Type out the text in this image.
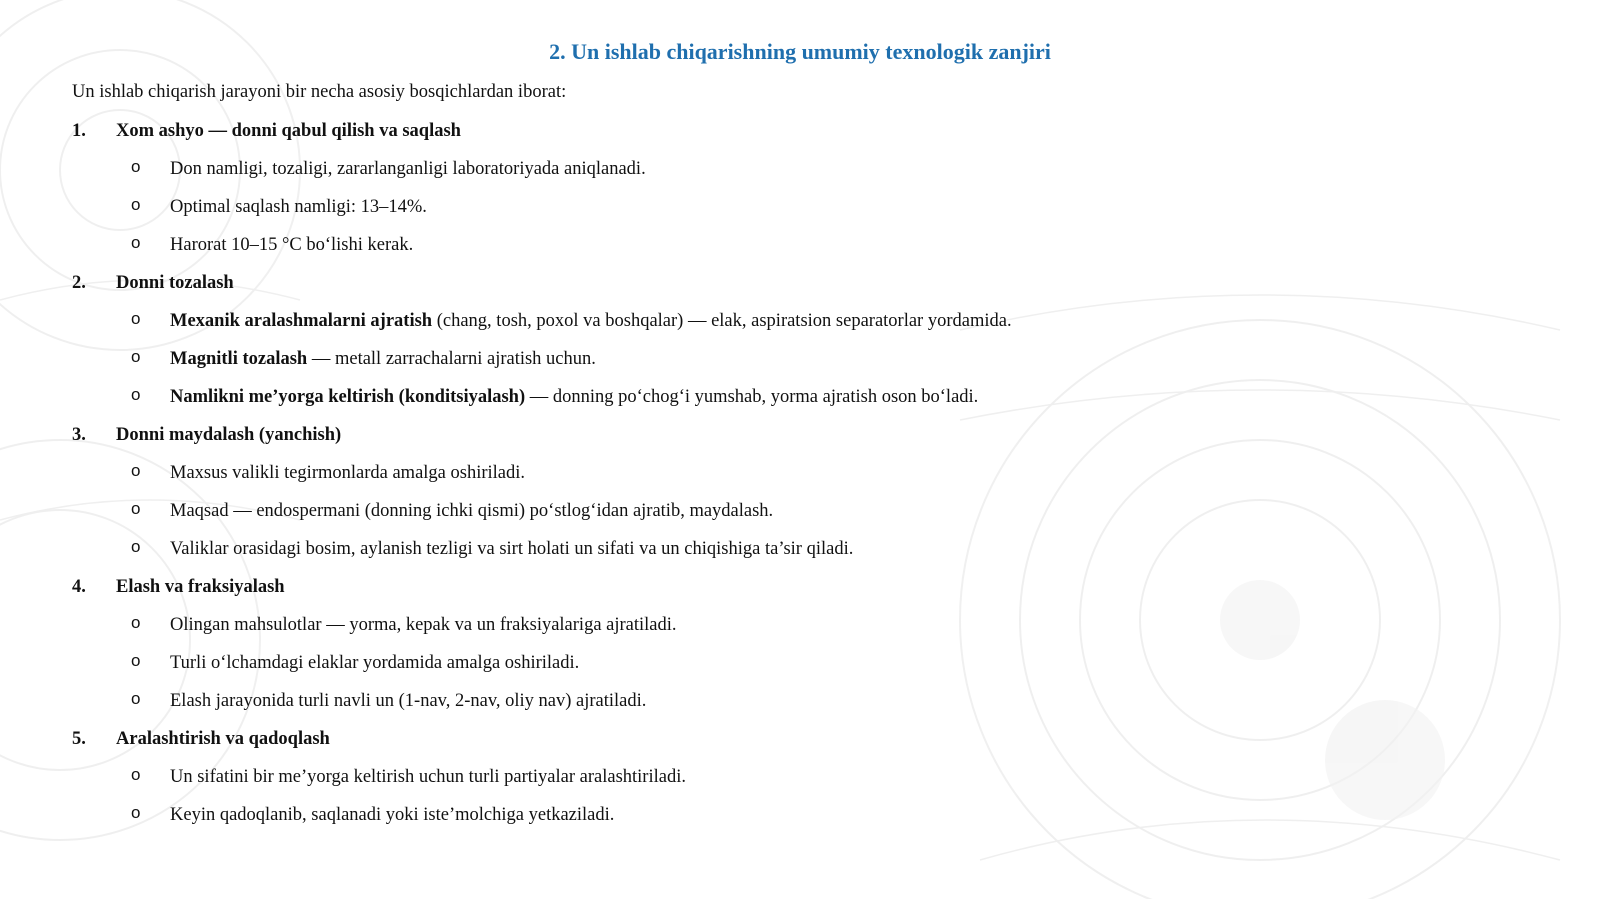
2. Un ishlab chiqarishning umumiy texnologik zanjiri
Un ishlab chiqarish jarayoni bir necha asosiy bosqichlardan iborat:
1. Xom ashyo — donni qabul qilish va saqlash
o Don namligi, tozaligi, zararlanganligi laboratoriyada aniqlanadi.
o Optimal saqlash namligi: 13–14%.
o Harorat 10–15 °C bo‘lishi kerak.
2. Donni tozalash
o Mexanik aralashmalarni ajratish (chang, tosh, poxol va boshqalar) — elak, aspiratsion separatorlar yordamida.
o Magnitli tozalash — metall zarrachalarni ajratish uchun.
o Namlikni me’yorga keltirish (konditsiyalash) — donning po‘chog‘i yumshab, yorma ajratish oson bo‘ladi.
3. Donni maydalash (yanchish)
o Maxsus valikli tegirmonlarda amalga oshiriladi.
o Maqsad — endospermani (donning ichki qismi) po‘stlog‘idan ajratib, maydalash.
o Valiklar orasidagi bosim, aylanish tezligi va sirt holati un sifati va un chiqishiga ta’sir qiladi.
4. Elash va fraksiyalash
o Olingan mahsulotlar — yorma, kepak va un fraksiyalariga ajratiladi.
o Turli o‘lchamdagi elaklar yordamida amalga oshiriladi.
o Elash jarayonida turli navli un (1-nav, 2-nav, oliy nav) ajratiladi.
5. Aralashtirish va qadoqlash
o Un sifatini bir me’yorga keltirish uchun turli partiyalar aralashtiriladi.
o Keyin qadoqlanib, saqlanadi yoki iste’molchiga yetkaziladi.
